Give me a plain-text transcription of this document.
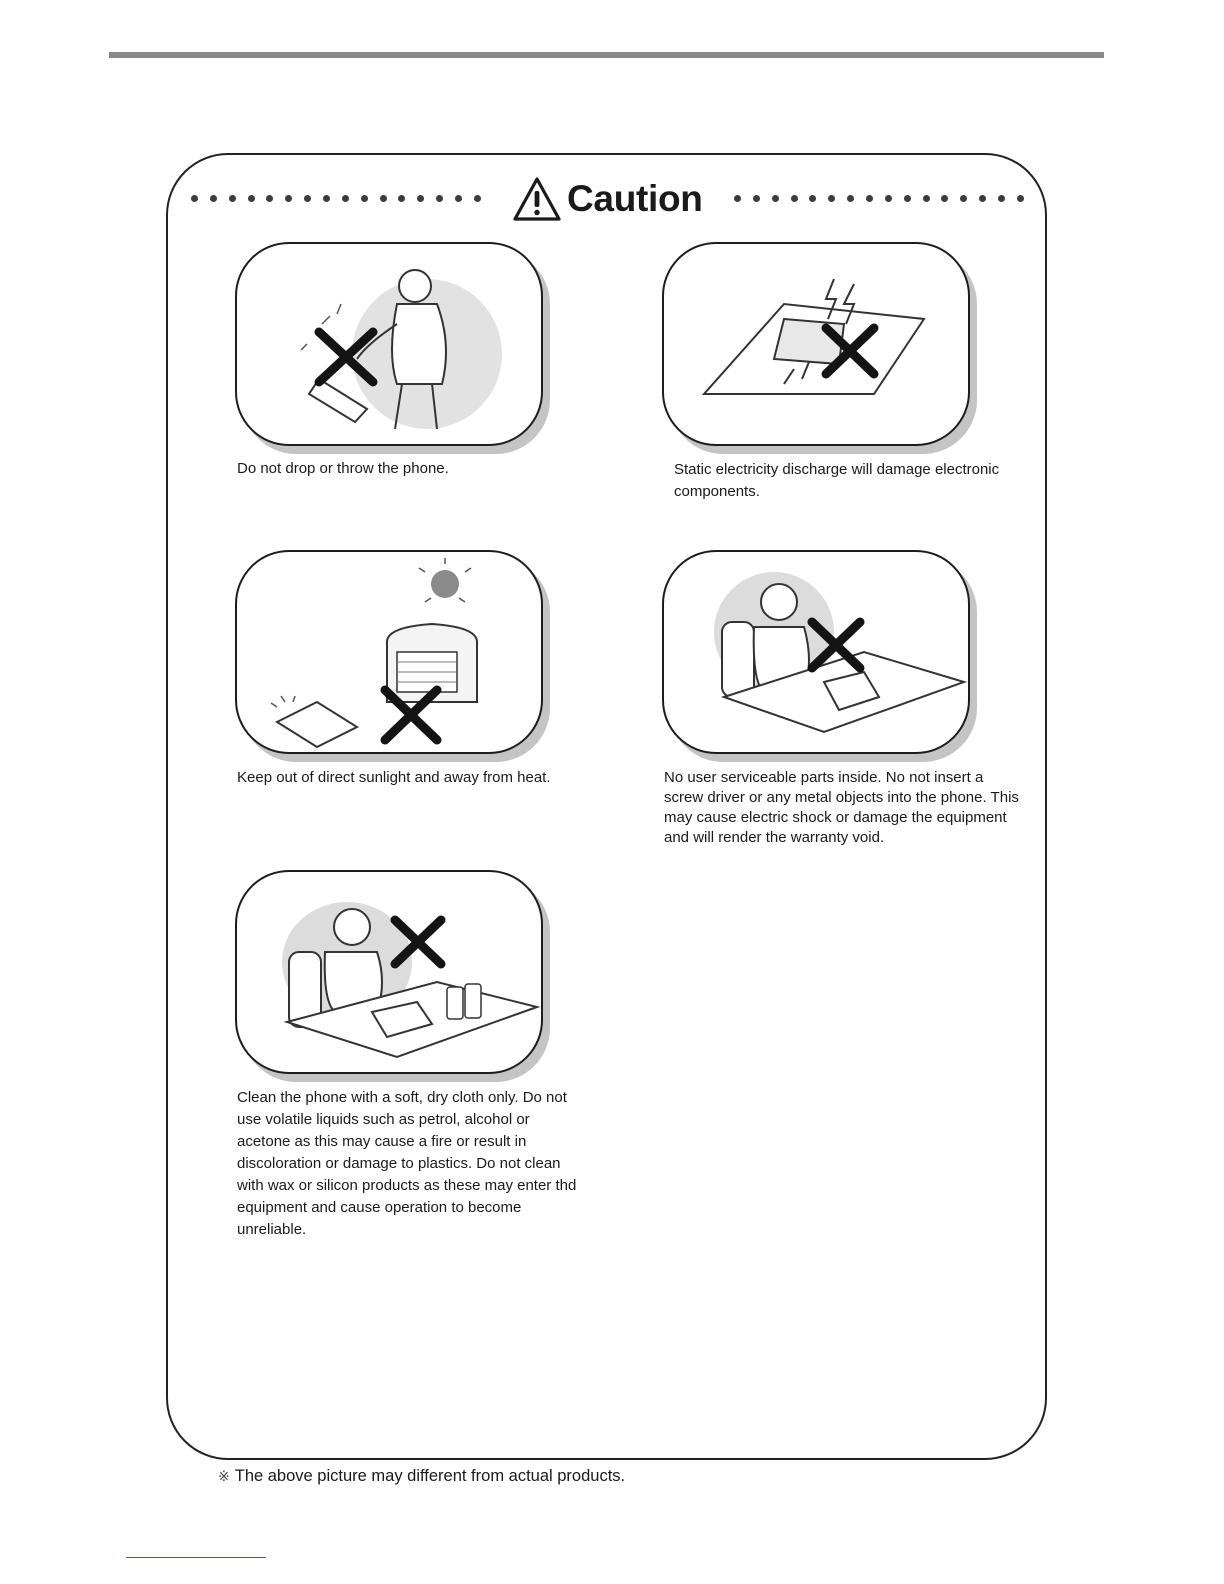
Caution
Do not drop or throw the phone.	Static electricity discharge will damage electronic components.
Keep out of direct sunlight and away from heat.	No user serviceable parts inside. No not insert a screw driver or any metal objects into the phone. This may cause electric shock or damage the equipment and will render the warranty void.
Clean the phone with a soft, dry cloth only. Do not use volatile liquids such as petrol, alcohol or acetone as this may cause a fire or result in discoloration or damage to plastics. Do not clean with wax or silicon products as these may enter thd equipment and cause operation to become unreliable.
※ The above picture may different from actual products.
